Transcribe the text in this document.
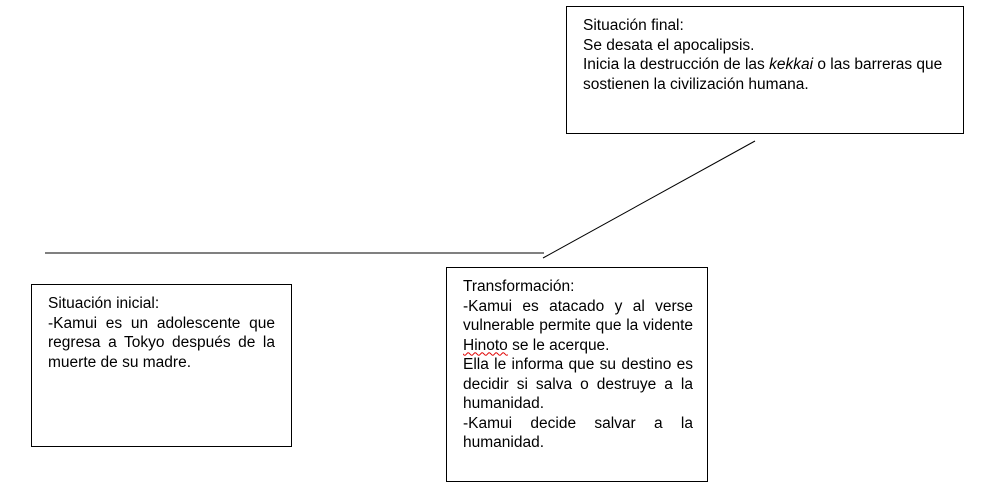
Situación final:
Se desata el apocalipsis.
Inicia la destrucción de las kekkai o las barreras que sostienen la civilización humana.
Situación inicial:
-Kamui es un adolescente que regresa a Tokyo después de la muerte de su madre.
Transformación:
-Kamui es atacado y al verse vulnerable permite que la vidente Hinoto se le acerque.
Ella le informa que su destino es decidir si salva o destruye a la humanidad.
-Kamui decide salvar a la humanidad.
